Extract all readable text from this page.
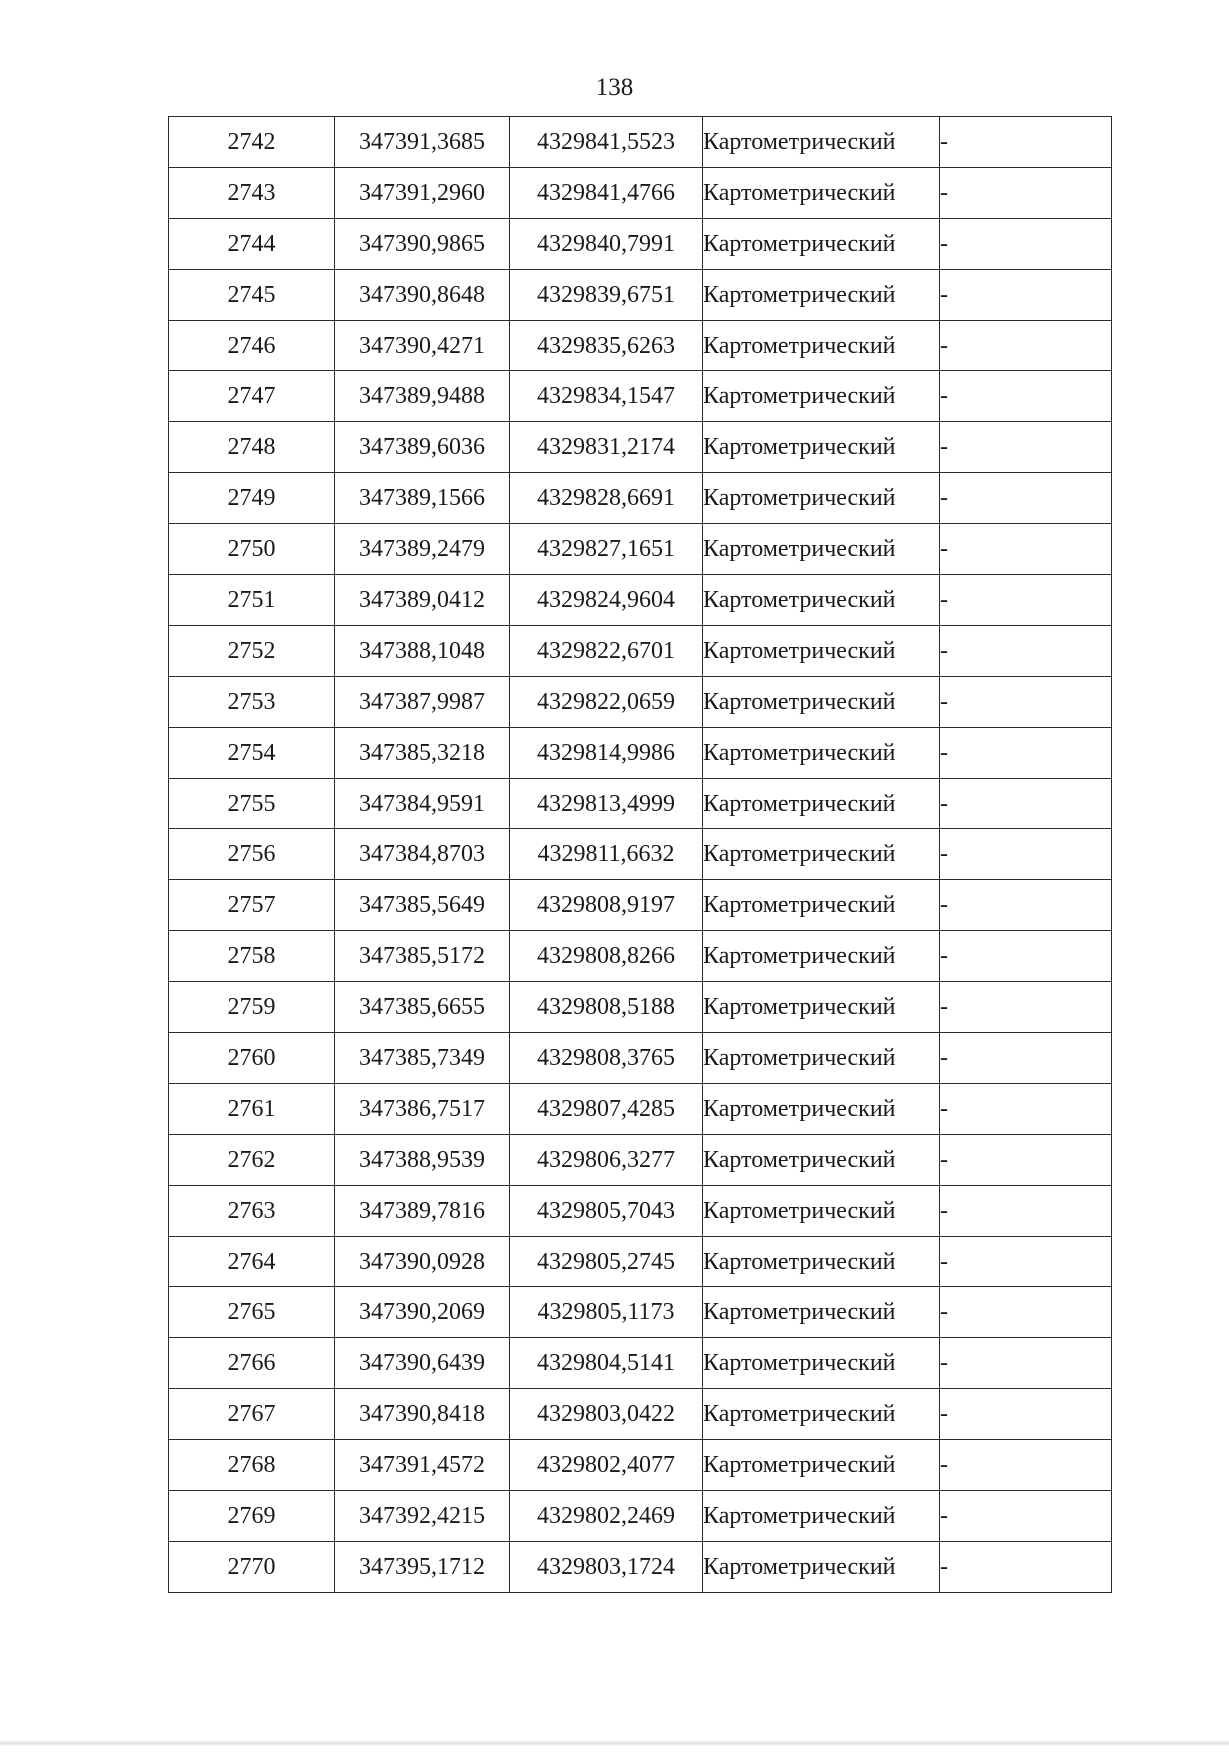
138
2742	347391,3685	4329841,5523	Картометрический	-
2743	347391,2960	4329841,4766	Картометрический	-
2744	347390,9865	4329840,7991	Картометрический	-
2745	347390,8648	4329839,6751	Картометрический	-
2746	347390,4271	4329835,6263	Картометрический	-
2747	347389,9488	4329834,1547	Картометрический	-
2748	347389,6036	4329831,2174	Картометрический	-
2749	347389,1566	4329828,6691	Картометрический	-
2750	347389,2479	4329827,1651	Картометрический	-
2751	347389,0412	4329824,9604	Картометрический	-
2752	347388,1048	4329822,6701	Картометрический	-
2753	347387,9987	4329822,0659	Картометрический	-
2754	347385,3218	4329814,9986	Картометрический	-
2755	347384,9591	4329813,4999	Картометрический	-
2756	347384,8703	4329811,6632	Картометрический	-
2757	347385,5649	4329808,9197	Картометрический	-
2758	347385,5172	4329808,8266	Картометрический	-
2759	347385,6655	4329808,5188	Картометрический	-
2760	347385,7349	4329808,3765	Картометрический	-
2761	347386,7517	4329807,4285	Картометрический	-
2762	347388,9539	4329806,3277	Картометрический	-
2763	347389,7816	4329805,7043	Картометрический	-
2764	347390,0928	4329805,2745	Картометрический	-
2765	347390,2069	4329805,1173	Картометрический	-
2766	347390,6439	4329804,5141	Картометрический	-
2767	347390,8418	4329803,0422	Картометрический	-
2768	347391,4572	4329802,4077	Картометрический	-
2769	347392,4215	4329802,2469	Картометрический	-
2770	347395,1712	4329803,1724	Картометрический	-
